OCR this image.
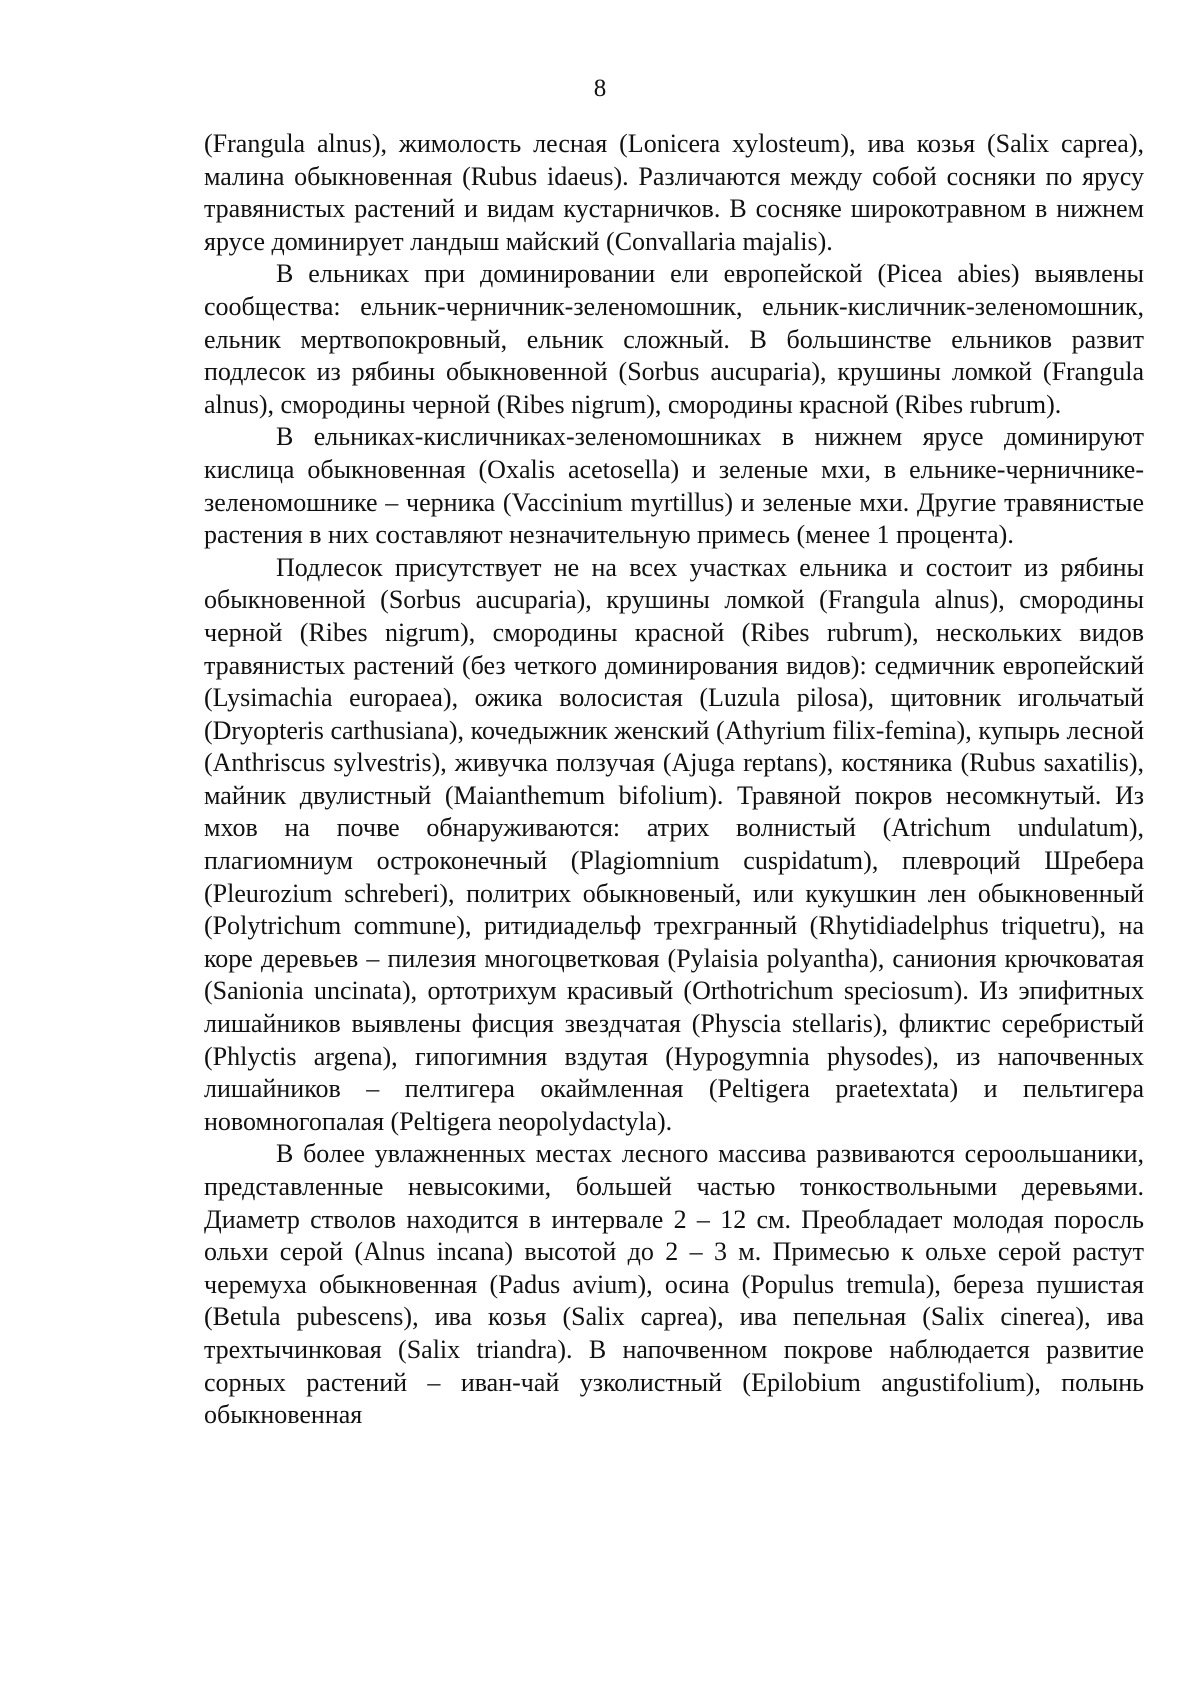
8

(Frangula alnus), жимолость лесная (Lonicera xylosteum), ива козья (Salix caprea), малина обыкновенная (Rubus idaeus). Различаются между собой сосняки по ярусу травянистых растений и видам кустарничков. В сосняке широкотравном в нижнем ярусе доминирует ландыш майский (Convallaria majalis).

В ельниках при доминировании ели европейской (Picea abies) выявлены сообщества: ельник-черничник-зеленомошник, ельник-кисличник-зеленомошник, ельник мертвопокровный, ельник сложный. В большинстве ельников развит подлесок из рябины обыкновенной (Sorbus aucuparia), крушины ломкой (Frangula alnus), смородины черной (Ribes nigrum), смородины красной (Ribes rubrum).

В ельниках-кисличниках-зеленомошниках в нижнем ярусе доминируют кислица обыкновенная (Oxalis acetosella) и зеленые мхи, в ельнике-черничнике-зеленомошнике – черника (Vaccinium myrtillus) и зеленые мхи. Другие травянистые растения в них составляют незначительную примесь (менее 1 процента).

Подлесок присутствует не на всех участках ельника и состоит из рябины обыкновенной (Sorbus aucuparia), крушины ломкой (Frangula alnus), смородины черной (Ribes nigrum), смородины красной (Ribes rubrum), нескольких видов травянистых растений (без четкого доминирования видов): седмичник европейский (Lysimachia europaea), ожика волосистая (Luzula pilosa), щитовник игольчатый (Dryopteris carthusiana), кочедыжник женский (Athyrium filix-femina), купырь лесной (Anthriscus sylvestris), живучка ползучая (Ajuga reptans), костяника (Rubus saxatilis), майник двулистный (Maianthemum bifolium). Травяной покров несомкнутый. Из мхов на почве обнаруживаются: атрих волнистый (Atrichum undulatum), плагиомниум остроконечный (Plagiomnium cuspidatum), плевроций Шребера (Pleurozium schreberi), политрих обыкновеный, или кукушкин лен обыкновенный (Polytrichum commune), ритидиадельф трехгранный (Rhytidiadelphus triquetru), на коре деревьев – пилезия многоцветковая (Pylaisia polyantha), саниония крючковатая (Sanionia uncinata), ортотрихум красивый (Orthotrichum speciosum). Из эпифитных лишайников выявлены фисция звездчатая (Physcia stellaris), фликтис серебристый (Phlyctis argena), гипогимния вздутая (Hypogymnia physodes), из напочвенных лишайников – пелтигера окаймленная (Peltigera praetextata) и пельтигера новомногопалая (Peltigera neopolydactyla).

В более увлажненных местах лесного массива развиваются сероольшаники, представленные невысокими, большей частью тонкоствольными деревьями. Диаметр стволов находится в интервале 2 – 12 см. Преобладает молодая поросль ольхи серой (Alnus incana) высотой до 2 – 3 м. Примесью к ольхе серой растут черемуха обыкновенная (Padus avium), осина (Populus tremula), береза пушистая (Betula pubescens), ива козья (Salix caprea), ива пепельная (Salix cinerea), ива трехтычинковая (Salix triandra). В напочвенном покрове наблюдается развитие сорных растений – иван-чай узколистный (Epilobium angustifolium), полынь обыкновенная
